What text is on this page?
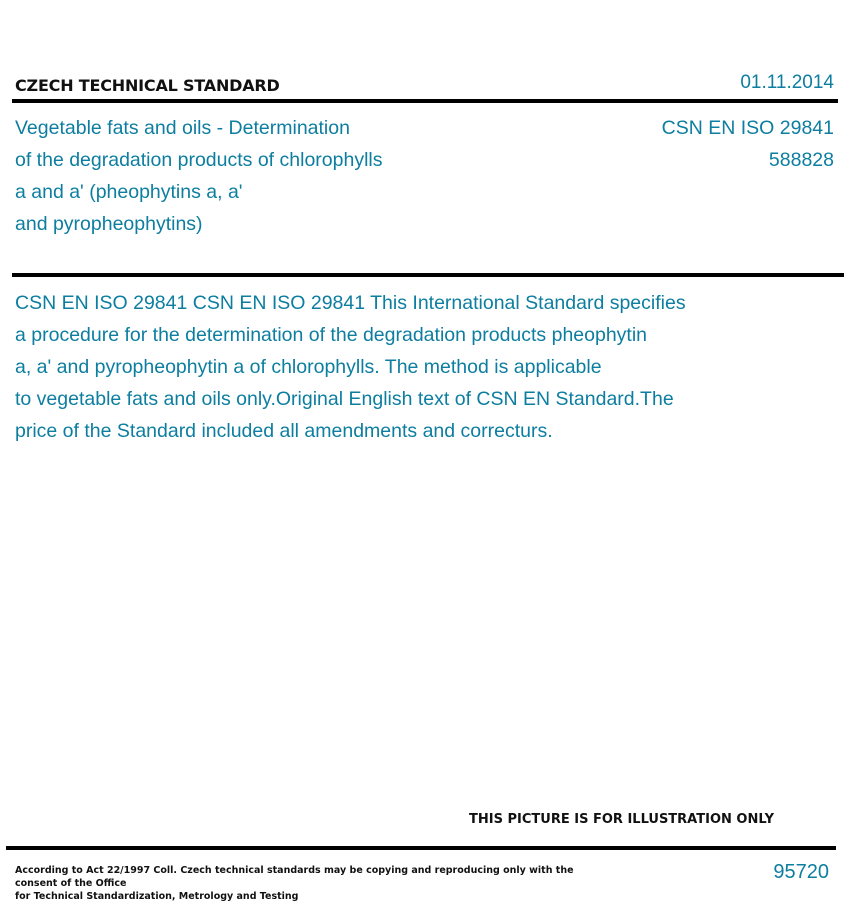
CZECH TECHNICAL STANDARD	01.11.2014
Vegetable fats and oils - Determination
of the degradation products of chlorophylls
a and a' (pheophytins a, a'
and pyropheophytins)
CSN EN ISO 29841
588828
CSN EN ISO 29841 CSN EN ISO 29841 This International Standard specifies
a procedure for the determination of the degradation products pheophytin
a, a' and pyropheophytin a of chlorophylls. The method is applicable
to vegetable fats and oils only.Original English text of CSN EN Standard.The
price of the Standard included all amendments and correcturs.
THIS PICTURE IS FOR ILLUSTRATION ONLY
According to Act 22/1997 Coll. Czech technical standards may be copying and reproducing only with the consent of the Office
for Technical Standardization, Metrology and Testing
95720
